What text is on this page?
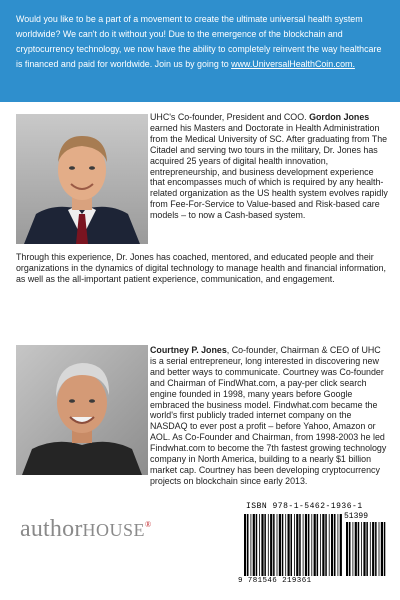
Would you like to be a part of a movement to create the ultimate universal health system worldwide? We can't do it without you! Due to the emergence of the blockchain and cryptocurrency technology, we now have the ability to completely reinvent the way healthcare is financed and paid for worldwide. Join us by going to www.UniversalHealthCoin.com.

UHC's Co-founder, President and COO. Gordon Jones earned his Masters and Doctorate in Health Administration from the Medical University of SC. After graduating from The Citadel and serving two tours in the military, Dr. Jones has acquired 25 years of digital health innovation, entrepreneurship, and business development experience that encompasses much of which is required by any health-related organization as the US health system evolves rapidly from Fee-For-Service to Value-based and Risk-based care models – to now a Cash-based system.

Through this experience, Dr. Jones has coached, mentored, and educated people and their organizations in the dynamics of digital technology to manage health and financial information, as well as the all-important patient experience, communication, and engagement.

Courtney P. Jones, Co-founder, Chairman & CEO of UHC is a serial entrepreneur, long interested in discovering new and better ways to communicate. Courtney was Co-founder and Chairman of FindWhat.com, a pay-per click search engine founded in 1998, many years before Google embraced the business model. Findwhat.com became the world's first publicly traded internet company on the NASDAQ to ever post a profit – before Yahoo, Amazon or AOL. As Co-Founder and Chairman, from 1998-2003 he led Findwhat.com to become the 7th fastest growing technology company in North America, building to a nearly $1 billion market cap. Courtney has been developing cryptocurrency projects on blockchain since early 2013.

authorHOUSE®
ISBN 978-1-5462-1936-1
51399
9 781546 219361
